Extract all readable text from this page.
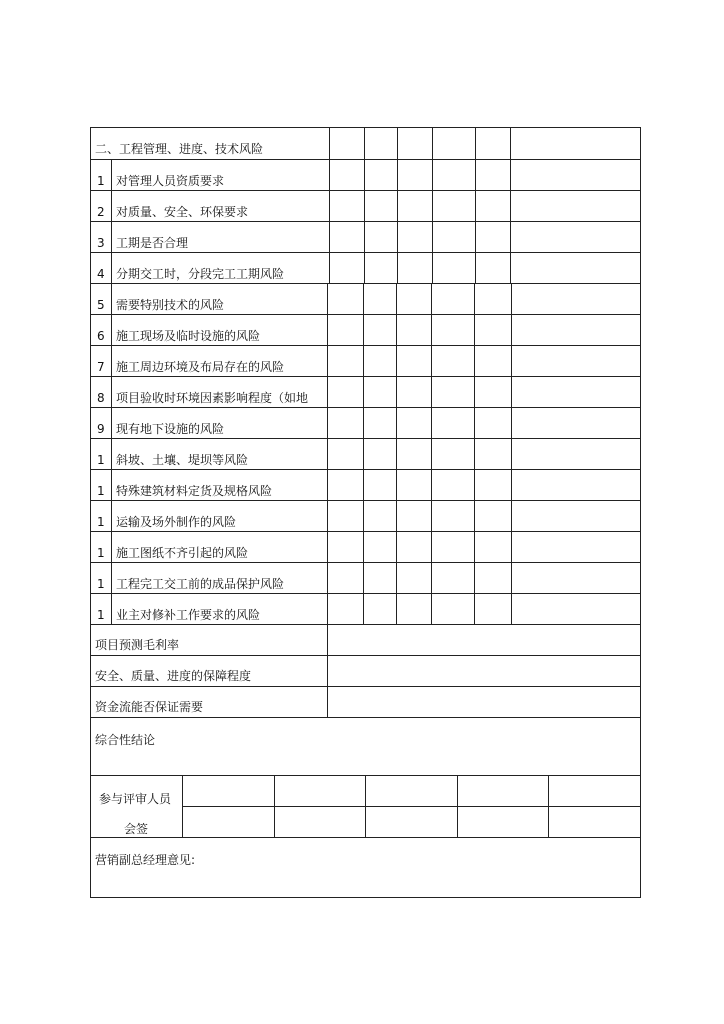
二、工程管理、进度、技术风险
1 对管理人员资质要求
2 对质量、安全、环保要求
3 工期是否合理
4 分期交工时，分段完工工期风险
5 需要特别技术的风险
6 施工现场及临时设施的风险
7 施工周边环境及布局存在的风险
8 项目验收时环境因素影响程度（如地
9 现有地下设施的风险
1 斜坡、土壤、堤坝等风险
1 特殊建筑材料定货及规格风险
1 运输及场外制作的风险
1 施工图纸不齐引起的风险
1 工程完工交工前的成品保护风险
1 业主对修补工作要求的风险
项目预测毛利率
安全、质量、进度的保障程度
资金流能否保证需要
综合性结论
参与评审人员
会签
营销副总经理意见:
